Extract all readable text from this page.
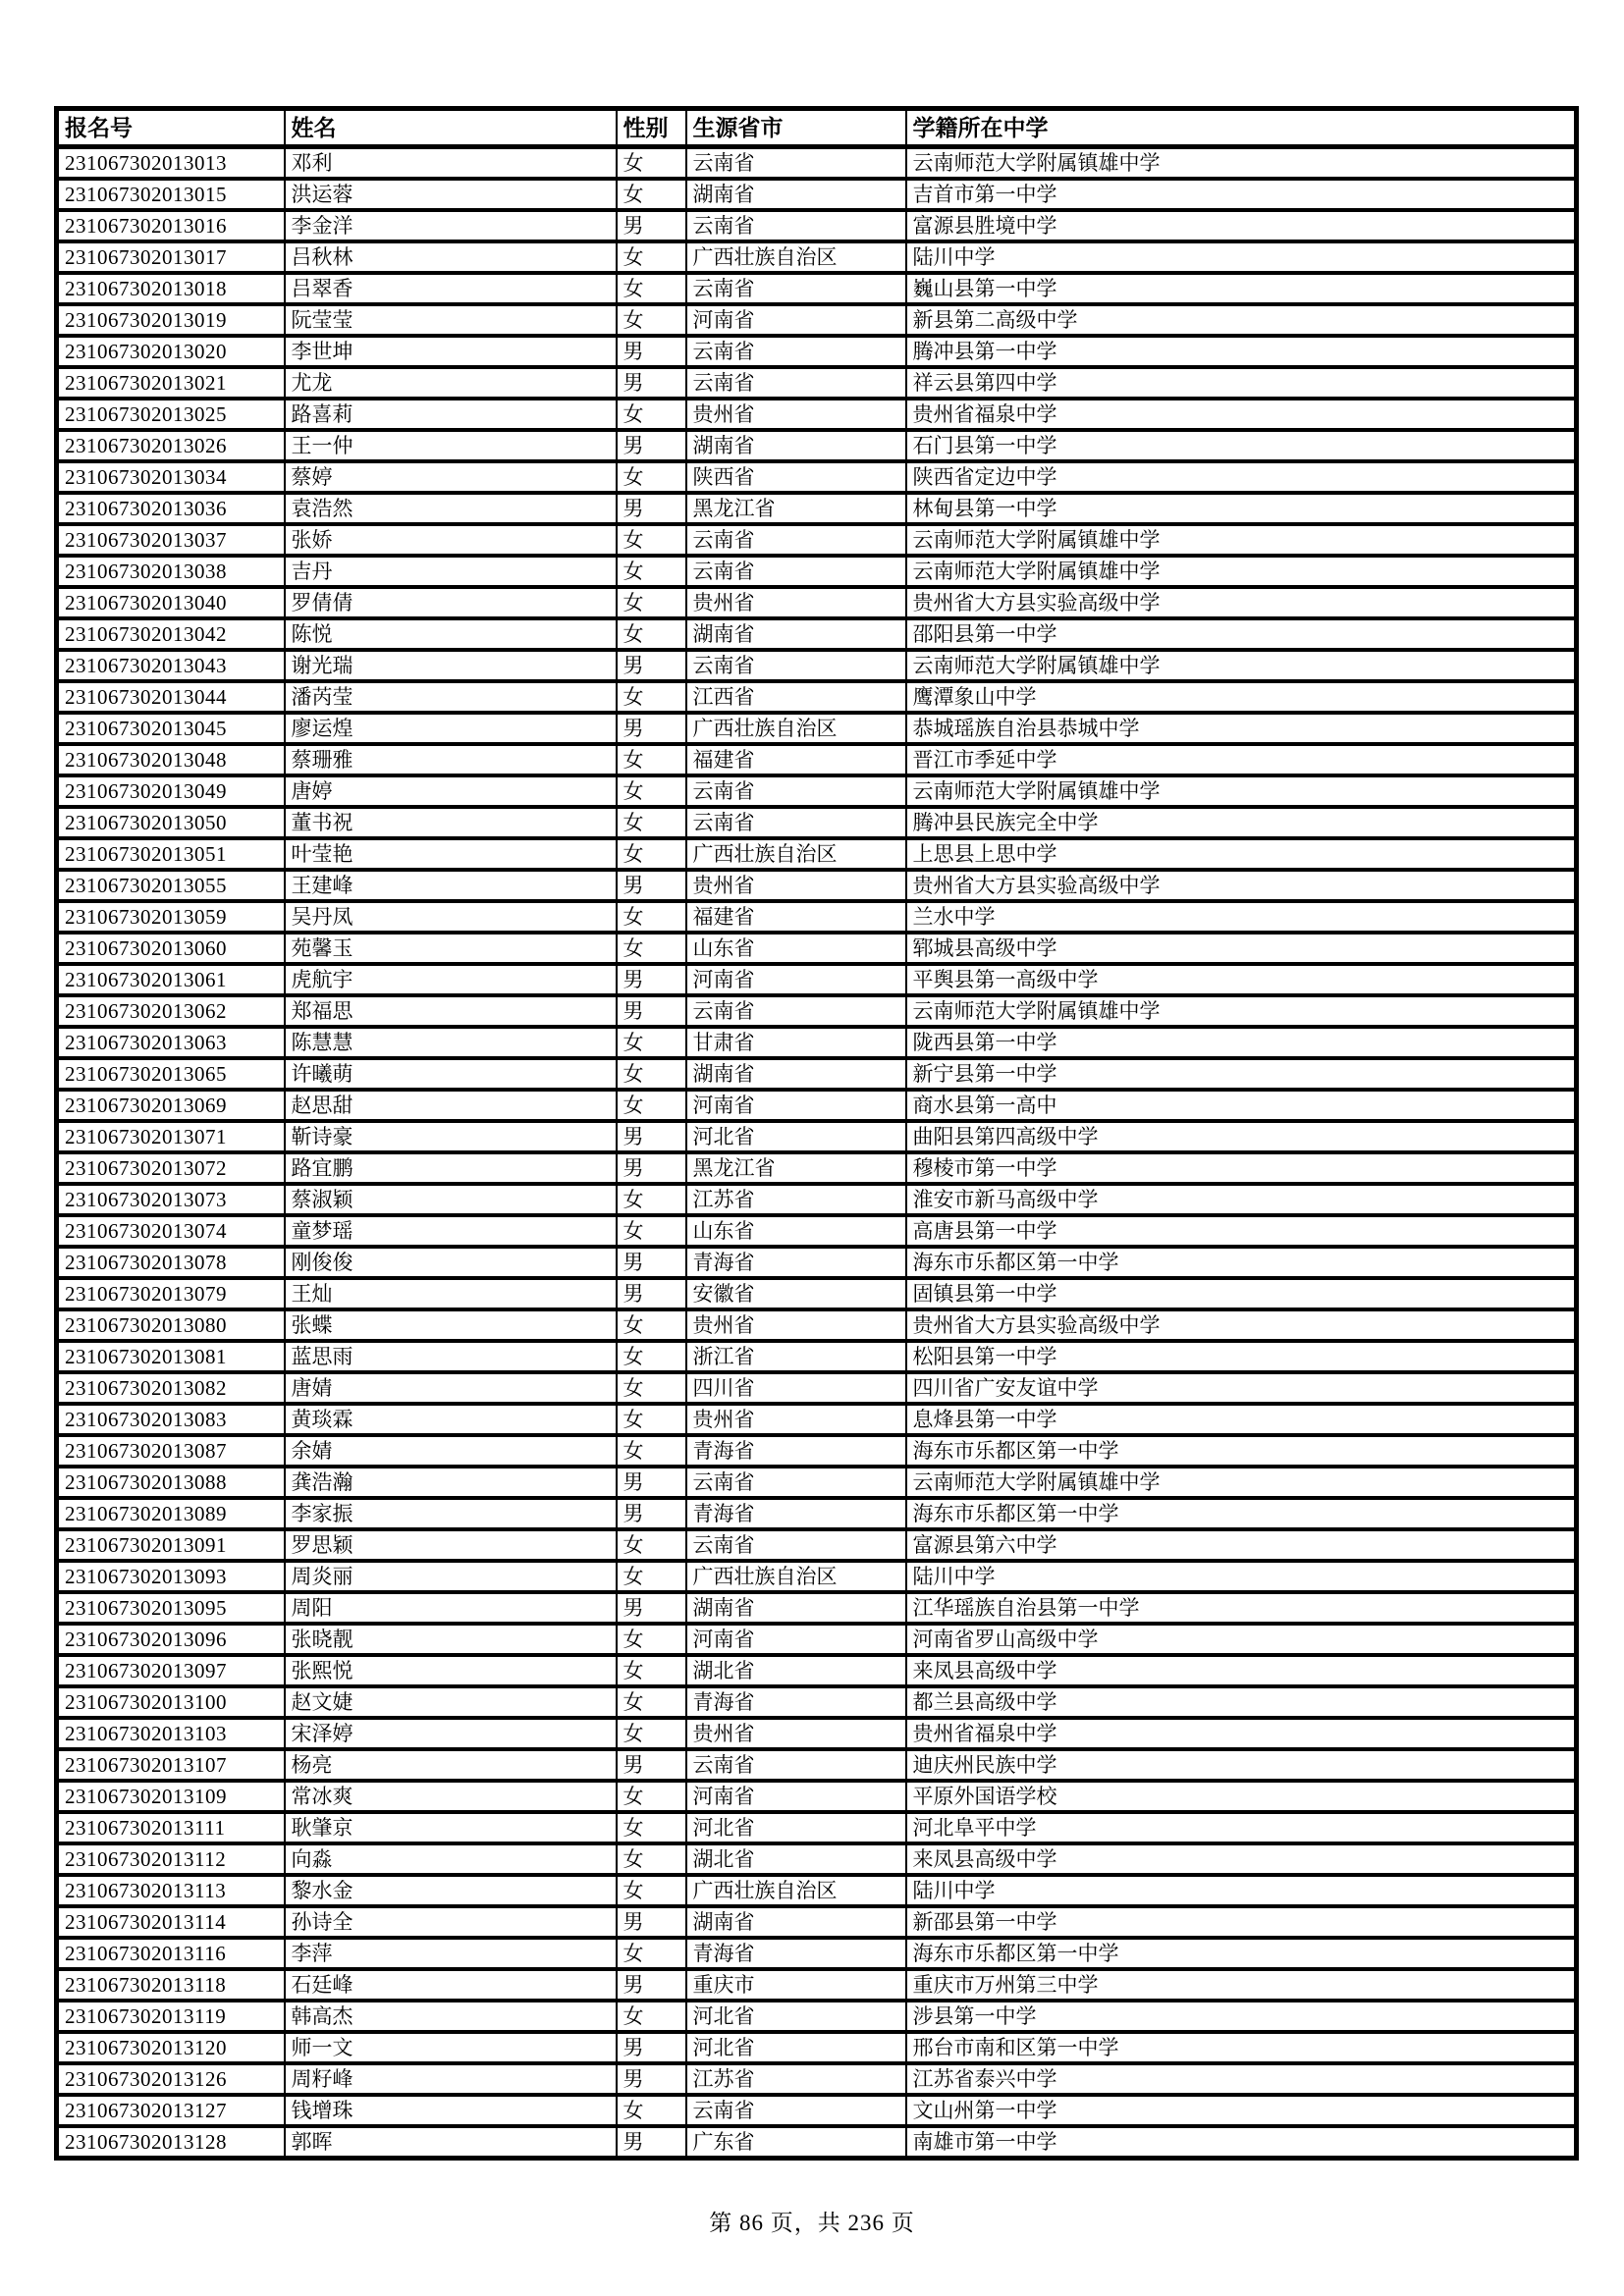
报名号	姓名	性别	生源省市	学籍所在中学
231067302013013	邓利	女	云南省	云南师范大学附属镇雄中学
231067302013015	洪运蓉	女	湖南省	吉首市第一中学
231067302013016	李金洋	男	云南省	富源县胜境中学
231067302013017	吕秋林	女	广西壮族自治区	陆川中学
231067302013018	吕翠香	女	云南省	巍山县第一中学
231067302013019	阮莹莹	女	河南省	新县第二高级中学
231067302013020	李世坤	男	云南省	腾冲县第一中学
231067302013021	尤龙	男	云南省	祥云县第四中学
231067302013025	路喜莉	女	贵州省	贵州省福泉中学
231067302013026	王一仲	男	湖南省	石门县第一中学
231067302013034	蔡婷	女	陕西省	陕西省定边中学
231067302013036	袁浩然	男	黑龙江省	林甸县第一中学
231067302013037	张娇	女	云南省	云南师范大学附属镇雄中学
231067302013038	吉丹	女	云南省	云南师范大学附属镇雄中学
231067302013040	罗倩倩	女	贵州省	贵州省大方县实验高级中学
231067302013042	陈悦	女	湖南省	邵阳县第一中学
231067302013043	谢光瑞	男	云南省	云南师范大学附属镇雄中学
231067302013044	潘芮莹	女	江西省	鹰潭象山中学
231067302013045	廖运煌	男	广西壮族自治区	恭城瑶族自治县恭城中学
231067302013048	蔡珊雅	女	福建省	晋江市季延中学
231067302013049	唐婷	女	云南省	云南师范大学附属镇雄中学
231067302013050	董书祝	女	云南省	腾冲县民族完全中学
231067302013051	叶莹艳	女	广西壮族自治区	上思县上思中学
231067302013055	王建峰	男	贵州省	贵州省大方县实验高级中学
231067302013059	吴丹凤	女	福建省	兰水中学
231067302013060	苑馨玉	女	山东省	郓城县高级中学
231067302013061	虎航宇	男	河南省	平舆县第一高级中学
231067302013062	郑福思	男	云南省	云南师范大学附属镇雄中学
231067302013063	陈慧慧	女	甘肃省	陇西县第一中学
231067302013065	许曦萌	女	湖南省	新宁县第一中学
231067302013069	赵思甜	女	河南省	商水县第一高中
231067302013071	靳诗豪	男	河北省	曲阳县第四高级中学
231067302013072	路宜鹏	男	黑龙江省	穆棱市第一中学
231067302013073	蔡淑颖	女	江苏省	淮安市新马高级中学
231067302013074	童梦瑶	女	山东省	高唐县第一中学
231067302013078	刚俊俊	男	青海省	海东市乐都区第一中学
231067302013079	王灿	男	安徽省	固镇县第一中学
231067302013080	张蝶	女	贵州省	贵州省大方县实验高级中学
231067302013081	蓝思雨	女	浙江省	松阳县第一中学
231067302013082	唐婧	女	四川省	四川省广安友谊中学
231067302013083	黄琰霖	女	贵州省	息烽县第一中学
231067302013087	余婧	女	青海省	海东市乐都区第一中学
231067302013088	龚浩瀚	男	云南省	云南师范大学附属镇雄中学
231067302013089	李家振	男	青海省	海东市乐都区第一中学
231067302013091	罗思颖	女	云南省	富源县第六中学
231067302013093	周炎丽	女	广西壮族自治区	陆川中学
231067302013095	周阳	男	湖南省	江华瑶族自治县第一中学
231067302013096	张晓靓	女	河南省	河南省罗山高级中学
231067302013097	张熙悦	女	湖北省	来凤县高级中学
231067302013100	赵文婕	女	青海省	都兰县高级中学
231067302013103	宋泽婷	女	贵州省	贵州省福泉中学
231067302013107	杨亮	男	云南省	迪庆州民族中学
231067302013109	常冰爽	女	河南省	平原外国语学校
231067302013111	耿肇京	女	河北省	河北阜平中学
231067302013112	向淼	女	湖北省	来凤县高级中学
231067302013113	黎水金	女	广西壮族自治区	陆川中学
231067302013114	孙诗全	男	湖南省	新邵县第一中学
231067302013116	李萍	女	青海省	海东市乐都区第一中学
231067302013118	石廷峰	男	重庆市	重庆市万州第三中学
231067302013119	韩高杰	女	河北省	涉县第一中学
231067302013120	师一文	男	河北省	邢台市南和区第一中学
231067302013126	周籽峰	男	江苏省	江苏省泰兴中学
231067302013127	钱增珠	女	云南省	文山州第一中学
231067302013128	郭晖	男	广东省	南雄市第一中学
第 86 页，共 236 页
